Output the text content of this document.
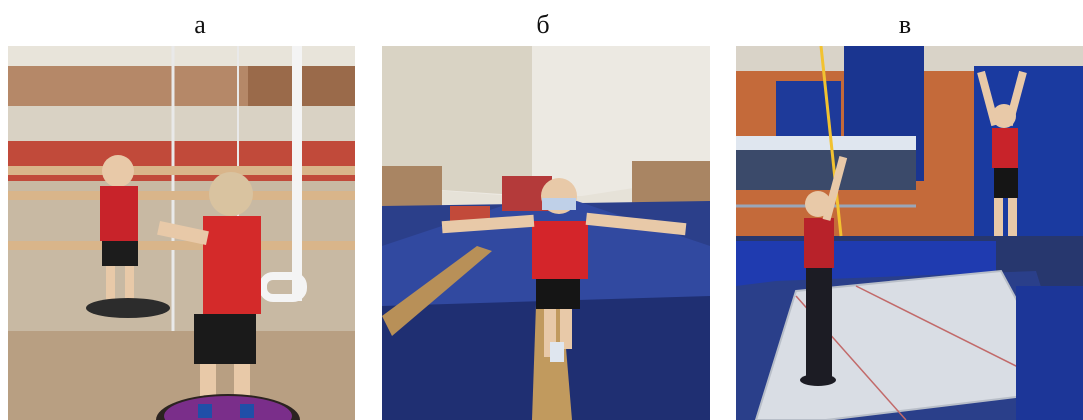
а	б	в
